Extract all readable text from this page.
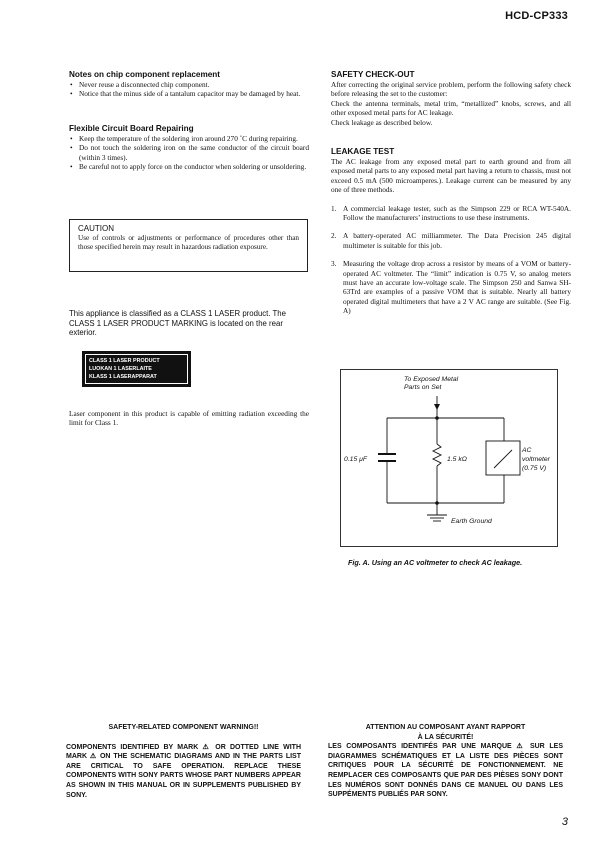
HCD-CP333
Notes on chip component replacement
• Never reuse a disconnected chip component.
• Notice that the minus side of a tantalum capacitor may be damaged by heat.
Flexible Circuit Board Repairing
• Keep the temperature of the soldering iron around 270 ˚C during repairing.
• Do not touch the soldering iron on the same conductor of the circuit board (within 3 times).
• Be careful not to apply force on the conductor when soldering or unsoldering.
CAUTION

Use of controls or adjustments or performance of procedures other than those specified herein may result in hazardous radiation exposure.

This appliance is classified as a CLASS 1 LASER product. The CLASS 1 LASER PRODUCT MARKING is located on the rear exterior.
CLASS 1 LASER PRODUCT
LUOKAN 1 LASERLAITE
KLASS 1 LASERAPPARAT

Laser component in this product is capable of emitting radiation exceeding the limit for Class 1.

SAFETY CHECK-OUT

After correcting the original service problem, perform the following safety check before releasing the set to the customer:

Check the antenna terminals, metal trim, “metallized” knobs, screws, and all other exposed metal parts for AC leakage.

Check leakage as described below.

LEAKAGE TEST

The AC leakage from any exposed metal part to earth ground and from all exposed metal parts to any exposed metal part having a return to chassis, must not exceed 0.5 mA (500 microamperes.). Leakage current can be measured by any one of three methods.

1. A commercial leakage tester, such as the Simpson 229 or RCA WT-540A. Follow the manufacturers’ instructions to use these instruments.
2. A battery-operated AC milliammeter. The Data Precision 245 digital multimeter is suitable for this job.
3. Measuring the voltage drop across a resistor by means of a VOM or battery-operated AC voltmeter. The “limit” indication is 0.75 V, so analog meters must have an accurate low-voltage scale. The Simpson 250 and Sanwa SH-63Trd are examples of a passive VOM that is suitable. Nearly all battery operated digital multimeters that have a 2 V AC range are suitable. (See Fig. A)
To Exposed Metal
Parts on Set
0.15 μF	1.5 kΩ
AC
voltmeter
(0.75 V)
Earth Ground
Fig. A. Using an AC voltmeter to check AC leakage.
SAFETY-RELATED COMPONENT WARNING!!
COMPONENTS IDENTIFIED BY MARK ⚠ OR DOTTED LINE WITH MARK ⚠ ON THE SCHEMATIC DIAGRAMS AND IN THE PARTS LIST ARE CRITICAL TO SAFE OPERATION. REPLACE THESE COMPONENTS WITH SONY PARTS WHOSE PART NUMBERS APPEAR AS SHOWN IN THIS MANUAL OR IN SUPPLEMENTS PUBLISHED BY SONY.
ATTENTION AU COMPOSANT AYANT RAPPORT
À LA SÉCURITÉ!
LES COMPOSANTS IDENTIFÉS PAR UNE MARQUE ⚠ SUR LES DIAGRAMMES SCHÉMATIQUES ET LA LISTE DES PIÈCES SONT CRITIQUES POUR LA SÉCURITÉ DE FONCTIONNEMENT. NE REMPLACER CES COMPOSANTS QUE PAR DES PIÈSES SONY DONT LES NUMÉROS SONT DONNÉS DANS CE MANUEL OU DANS LES SUPPÉMENTS PUBLIÉS PAR SONY.
3
